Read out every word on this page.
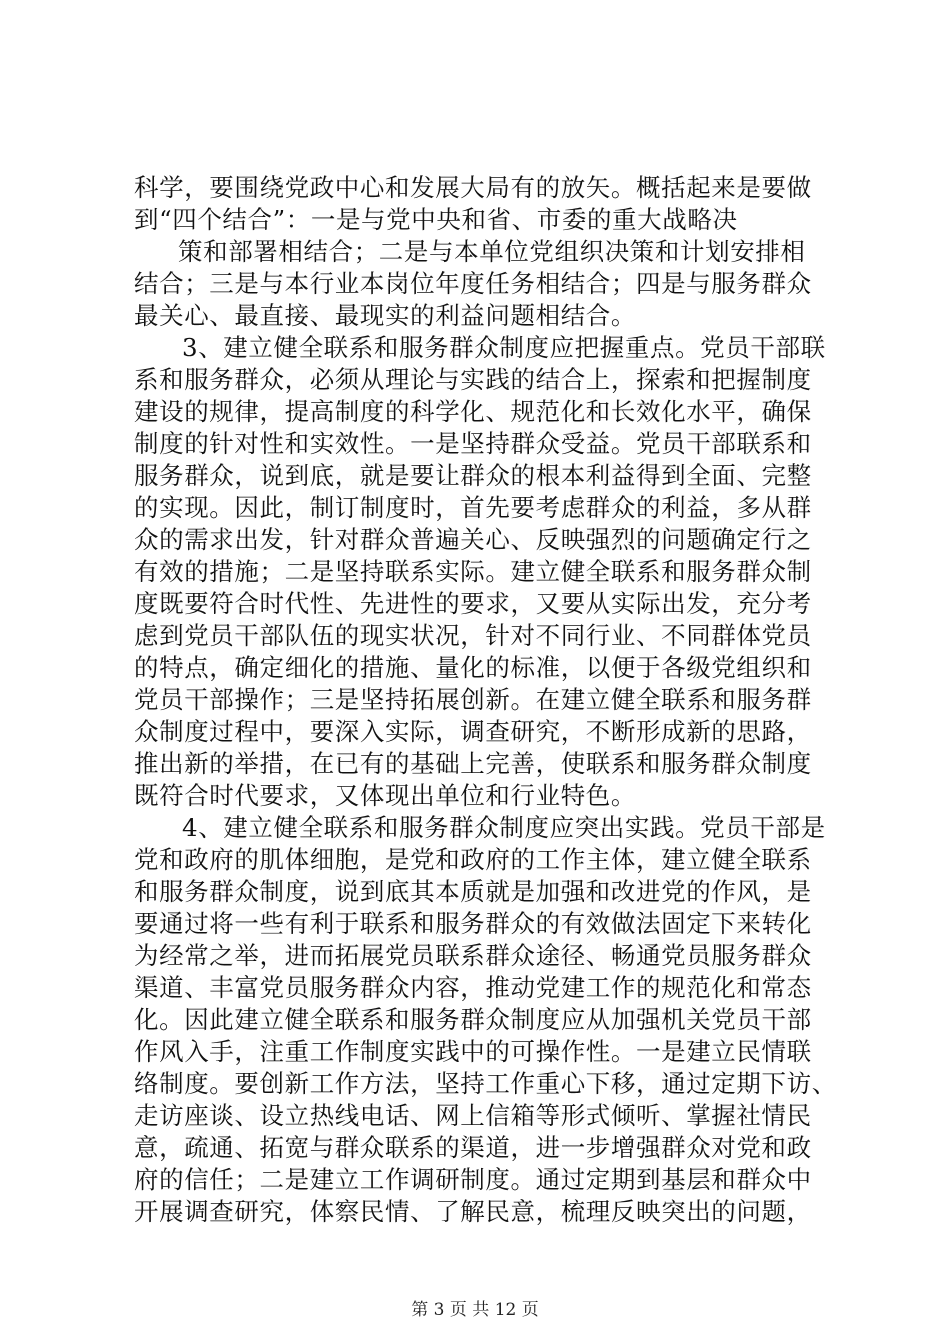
科学，要围绕党政中心和发展大局有的放矢。概括起来是要做
到“四个结合”：一是与党中央和省、市委的重大战略决
策和部署相结合；二是与本单位党组织决策和计划安排相
结合；三是与本行业本岗位年度任务相结合；四是与服务群众
最关心、最直接、最现实的利益问题相结合。
3、建立健全联系和服务群众制度应把握重点。党员干部联
系和服务群众，必须从理论与实践的结合上，探索和把握制度
建设的规律，提高制度的科学化、规范化和长效化水平，确保
制度的针对性和实效性。一是坚持群众受益。党员干部联系和
服务群众，说到底，就是要让群众的根本利益得到全面、完整
的实现。因此，制订制度时，首先要考虑群众的利益，多从群
众的需求出发，针对群众普遍关心、反映强烈的问题确定行之
有效的措施；二是坚持联系实际。建立健全联系和服务群众制
度既要符合时代性、先进性的要求，又要从实际出发，充分考
虑到党员干部队伍的现实状况，针对不同行业、不同群体党员
的特点，确定细化的措施、量化的标准，以便于各级党组织和
党员干部操作；三是坚持拓展创新。在建立健全联系和服务群
众制度过程中，要深入实际，调查研究，不断形成新的思路，
推出新的举措，在已有的基础上完善，使联系和服务群众制度
既符合时代要求，又体现出单位和行业特色。
4、建立健全联系和服务群众制度应突出实践。党员干部是
党和政府的肌体细胞，是党和政府的工作主体，建立健全联系
和服务群众制度，说到底其本质就是加强和改进党的作风，是
要通过将一些有利于联系和服务群众的有效做法固定下来转化
为经常之举，进而拓展党员联系群众途径、畅通党员服务群众
渠道、丰富党员服务群众内容，推动党建工作的规范化和常态
化。因此建立健全联系和服务群众制度应从加强机关党员干部
作风入手，注重工作制度实践中的可操作性。一是建立民情联
络制度。要创新工作方法，坚持工作重心下移，通过定期下访、
走访座谈、设立热线电话、网上信箱等形式倾听、掌握社情民
意，疏通、拓宽与群众联系的渠道，进一步增强群众对党和政
府的信任；二是建立工作调研制度。通过定期到基层和群众中
开展调查研究，体察民情、了解民意，梳理反映突出的问题，
第 3 页 共 12 页
